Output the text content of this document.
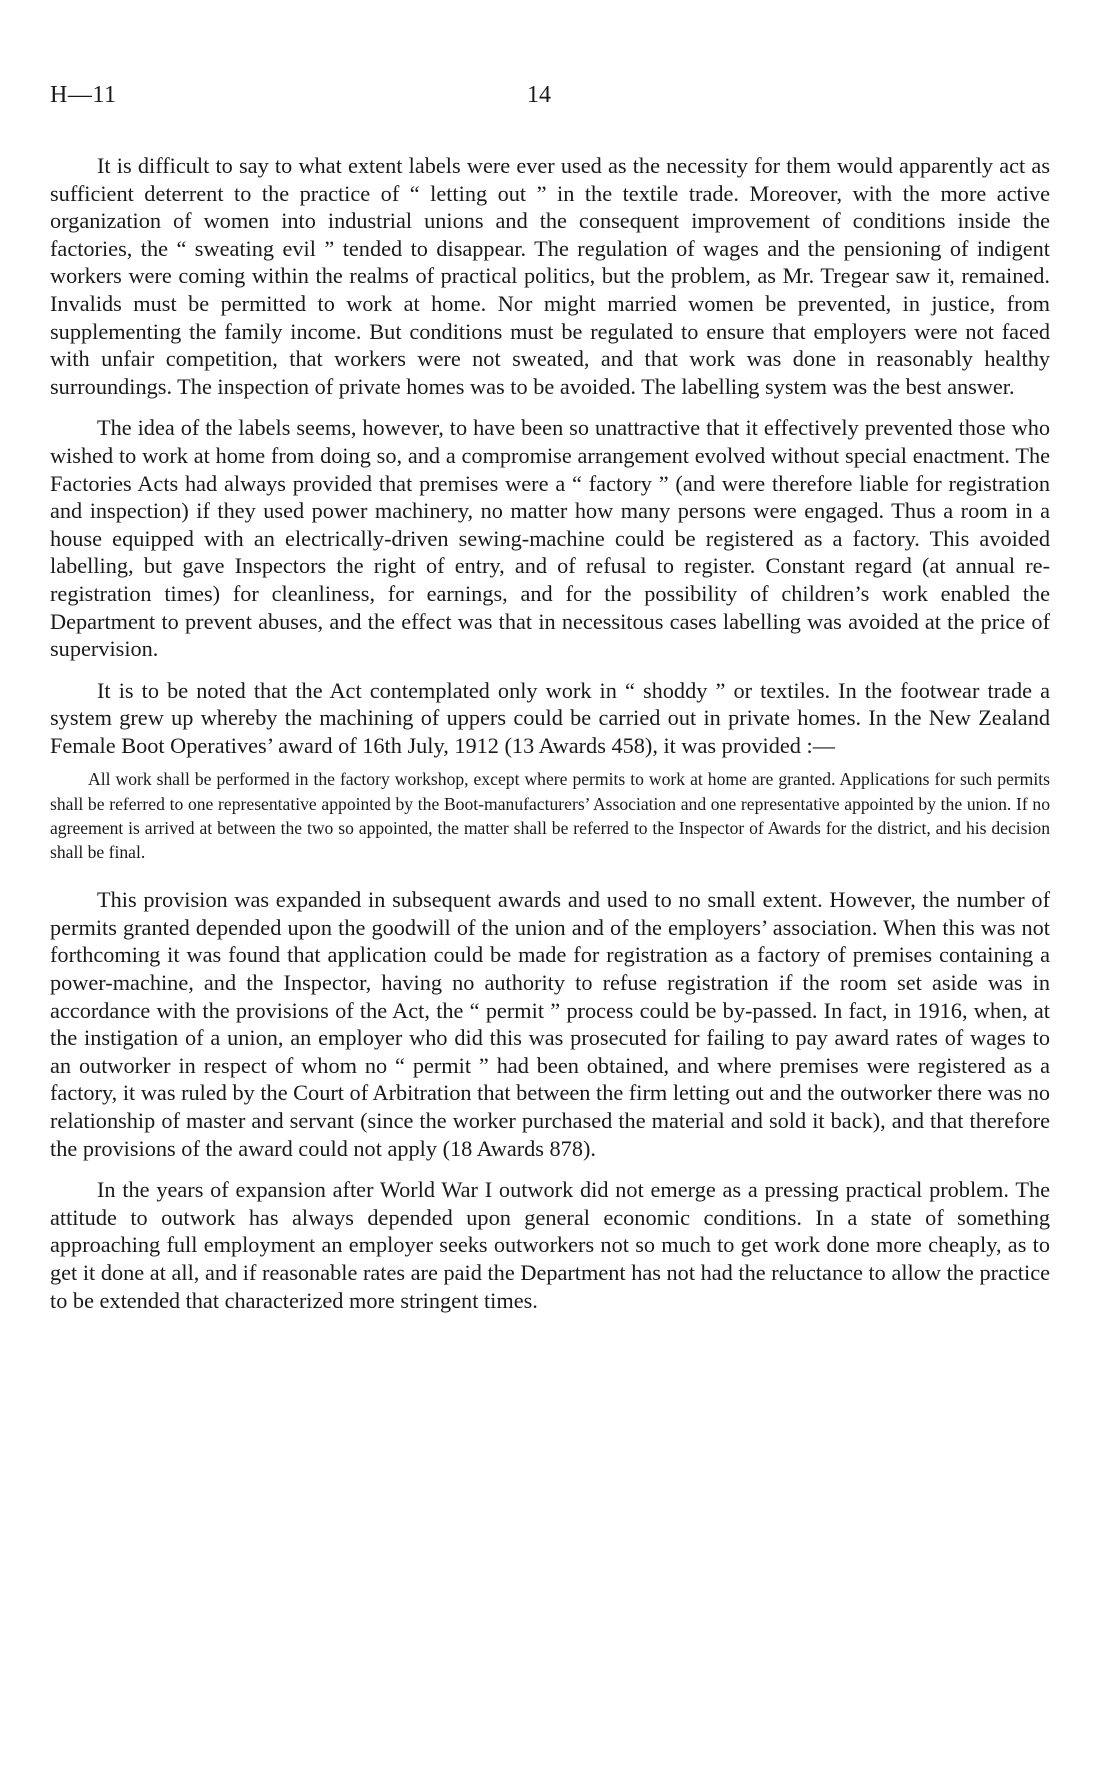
H—11	14

It is difficult to say to what extent labels were ever used as the necessity for them would apparently act as sufficient deterrent to the practice of “ letting out ” in the textile trade. Moreover, with the more active organization of women into industrial unions and the consequent improvement of conditions inside the factories, the “ sweating evil ” tended to disappear. The regulation of wages and the pensioning of indigent workers were coming within the realms of practical politics, but the problem, as Mr. Tregear saw it, remained. Invalids must be permitted to work at home. Nor might married women be prevented, in justice, from supplementing the family income. But conditions must be regulated to ensure that employers were not faced with unfair competition, that workers were not sweated, and that work was done in reasonably healthy surroundings. The inspection of private homes was to be avoided. The labelling system was the best answer.

The idea of the labels seems, however, to have been so unattractive that it effectively prevented those who wished to work at home from doing so, and a compromise arrangement evolved without special enactment. The Factories Acts had always provided that premises were a “ factory ” (and were therefore liable for registration and inspection) if they used power machinery, no matter how many persons were engaged. Thus a room in a house equipped with an electrically-driven sewing-machine could be registered as a factory. This avoided labelling, but gave Inspectors the right of entry, and of refusal to register. Constant regard (at annual re-registration times) for cleanliness, for earnings, and for the possibility of children’s work enabled the Department to prevent abuses, and the effect was that in necessitous cases labelling was avoided at the price of supervision.

It is to be noted that the Act contemplated only work in “ shoddy ” or textiles. In the footwear trade a system grew up whereby the machining of uppers could be carried out in private homes. In the New Zealand Female Boot Operatives’ award of 16th July, 1912 (13 Awards 458), it was provided :—

All work shall be performed in the factory workshop, except where permits to work at home are granted. Applications for such permits shall be referred to one representative appointed by the Boot-manufacturers’ Association and one representative appointed by the union. If no agreement is arrived at between the two so appointed, the matter shall be referred to the Inspector of Awards for the district, and his decision shall be final.

This provision was expanded in subsequent awards and used to no small extent. However, the number of permits granted depended upon the goodwill of the union and of the employers’ association. When this was not forthcoming it was found that application could be made for registration as a factory of premises containing a power-machine, and the Inspector, having no authority to refuse registration if the room set aside was in accordance with the provisions of the Act, the “ permit ” process could be by-passed. In fact, in 1916, when, at the instigation of a union, an employer who did this was prosecuted for failing to pay award rates of wages to an outworker in respect of whom no “ permit ” had been obtained, and where premises were registered as a factory, it was ruled by the Court of Arbitration that between the firm letting out and the outworker there was no relationship of master and servant (since the worker purchased the material and sold it back), and that therefore the provisions of the award could not apply (18 Awards 878).

In the years of expansion after World War I outwork did not emerge as a pressing practical problem. The attitude to outwork has always depended upon general economic conditions. In a state of something approaching full employment an employer seeks outworkers not so much to get work done more cheaply, as to get it done at all, and if reasonable rates are paid the Department has not had the reluctance to allow the practice to be extended that characterized more stringent times.
